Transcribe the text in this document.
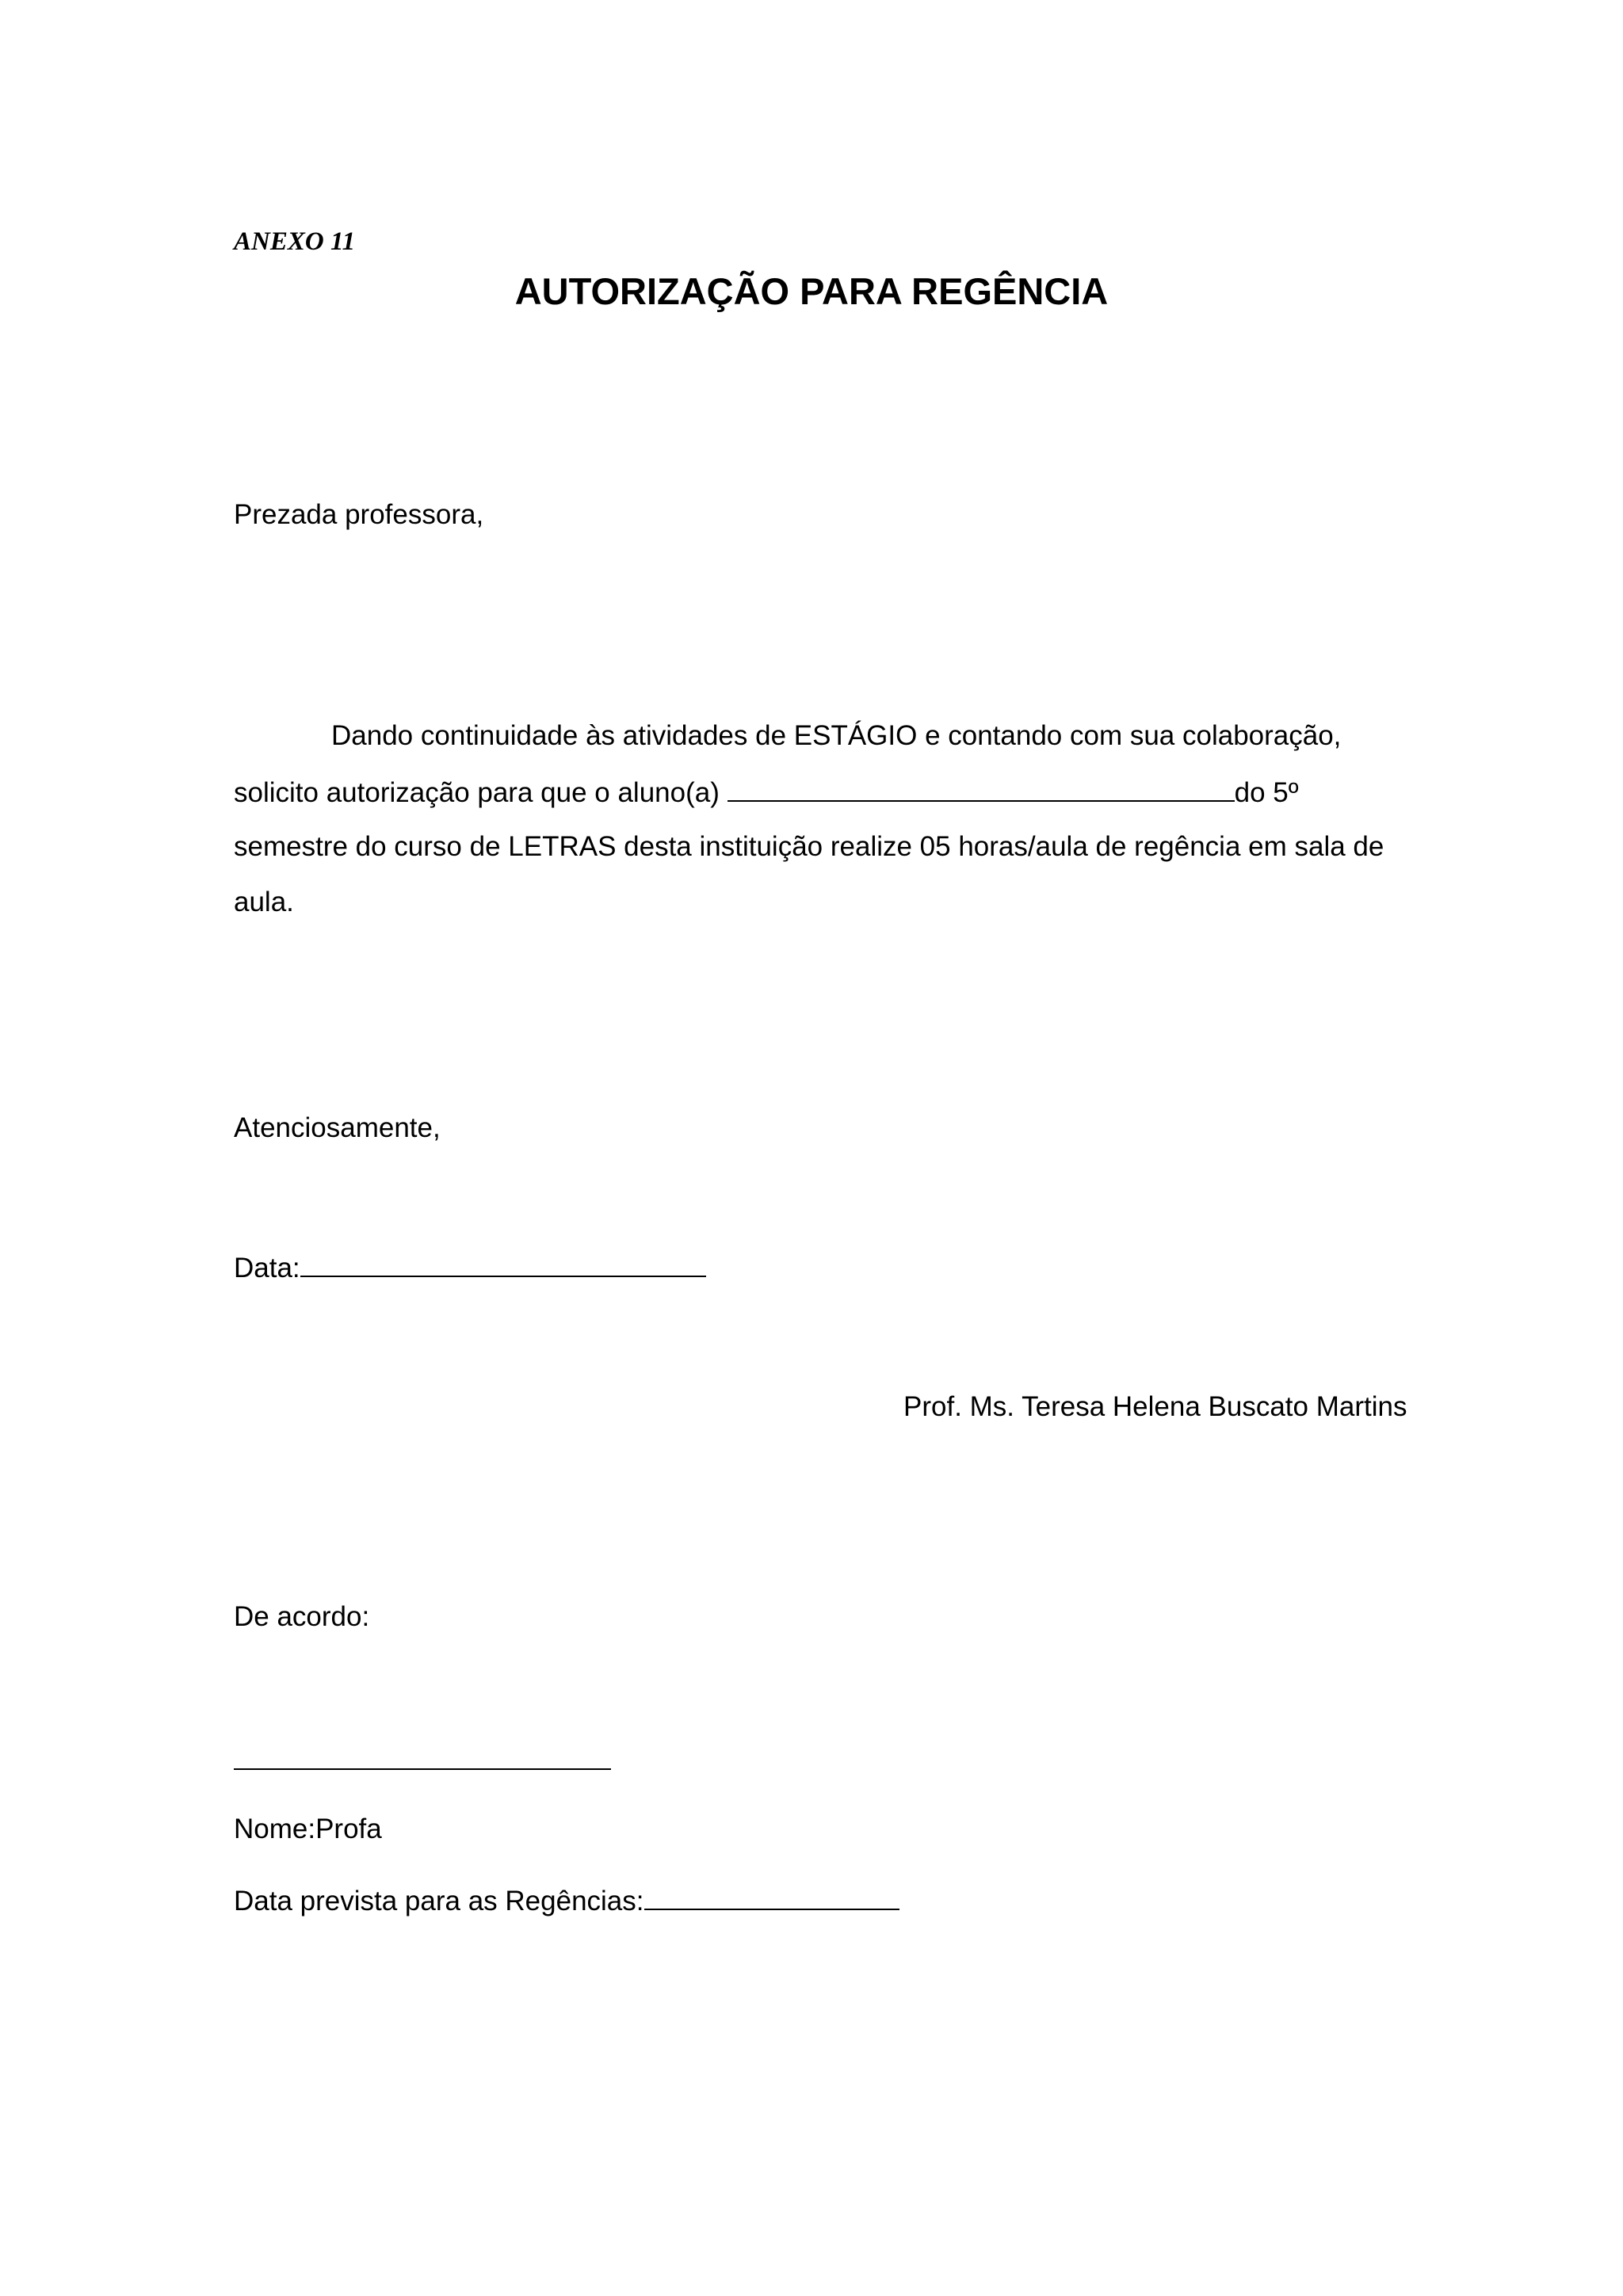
ANEXO 11
AUTORIZAÇÃO PARA REGÊNCIA
Prezada professora,
Dando continuidade às atividades de ESTÁGIO e contando com sua colaboração,
solicito autorização para que o aluno(a)	do 5º
semestre do curso de LETRAS desta instituição realize 05 horas/aula de regência em sala de
aula.
Atenciosamente,
Data:
Prof. Ms. Teresa Helena Buscato Martins
De acordo:
Nome:Profa
Data prevista para as Regências:
